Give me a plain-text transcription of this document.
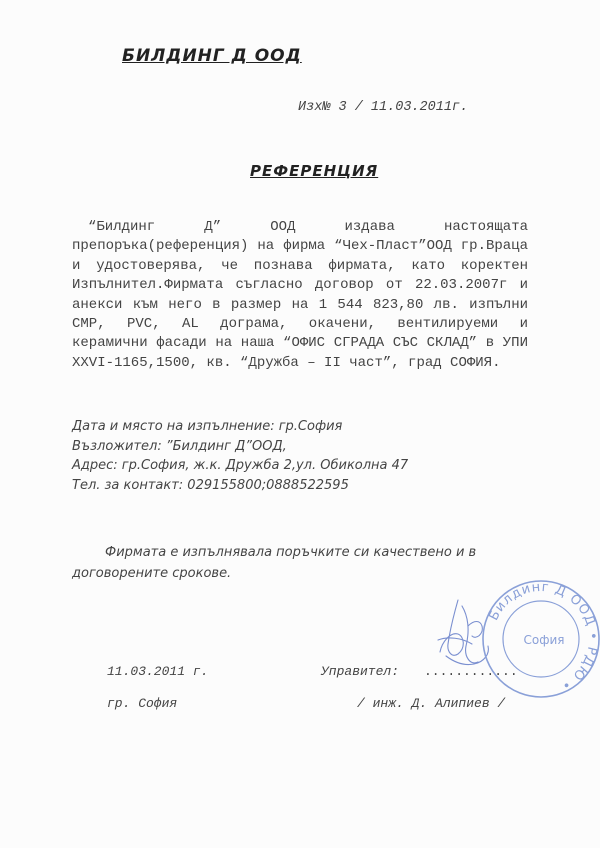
БИЛДИНГ Д ООД
Изх№ 3 / 11.03.2011г.
РЕФЕРЕНЦИЯ

“Билдинг Д” ООД издава настоящата препоръка(референция) на фирма “Чех-Пласт”ООД гр.Враца и удостоверява, че познава фирмата, като коректен Изпълнител.Фирмата съгласно договор от 22.03.2007г и анекси към него в размер на 1 544 823,80 лв. изпълни СМР, PVC, AL дограма, окачени, вентилируеми и керамични фасади на наша “ОФИС СГРАДА СЪС СКЛАД” в УПИ XXVI-1165,1500, кв. “Дружба – II част”, град СОФИЯ.

Дата и място на изпълнение: гр.София
Възложител: ”Билдинг Д”ООД,
Адрес: гр.София, ж.к. Дружба 2,ул. Обиколна 47
Тел. за контакт: 029155800;0888522595

Фирмата е изпълнявала поръчките си качествено и в договорените срокове.

11.03.2011 г.	Управител: ............
гр. София	/ инж. Д. Алипиев /
Билдинг Д ООД • РДЮ •
София
